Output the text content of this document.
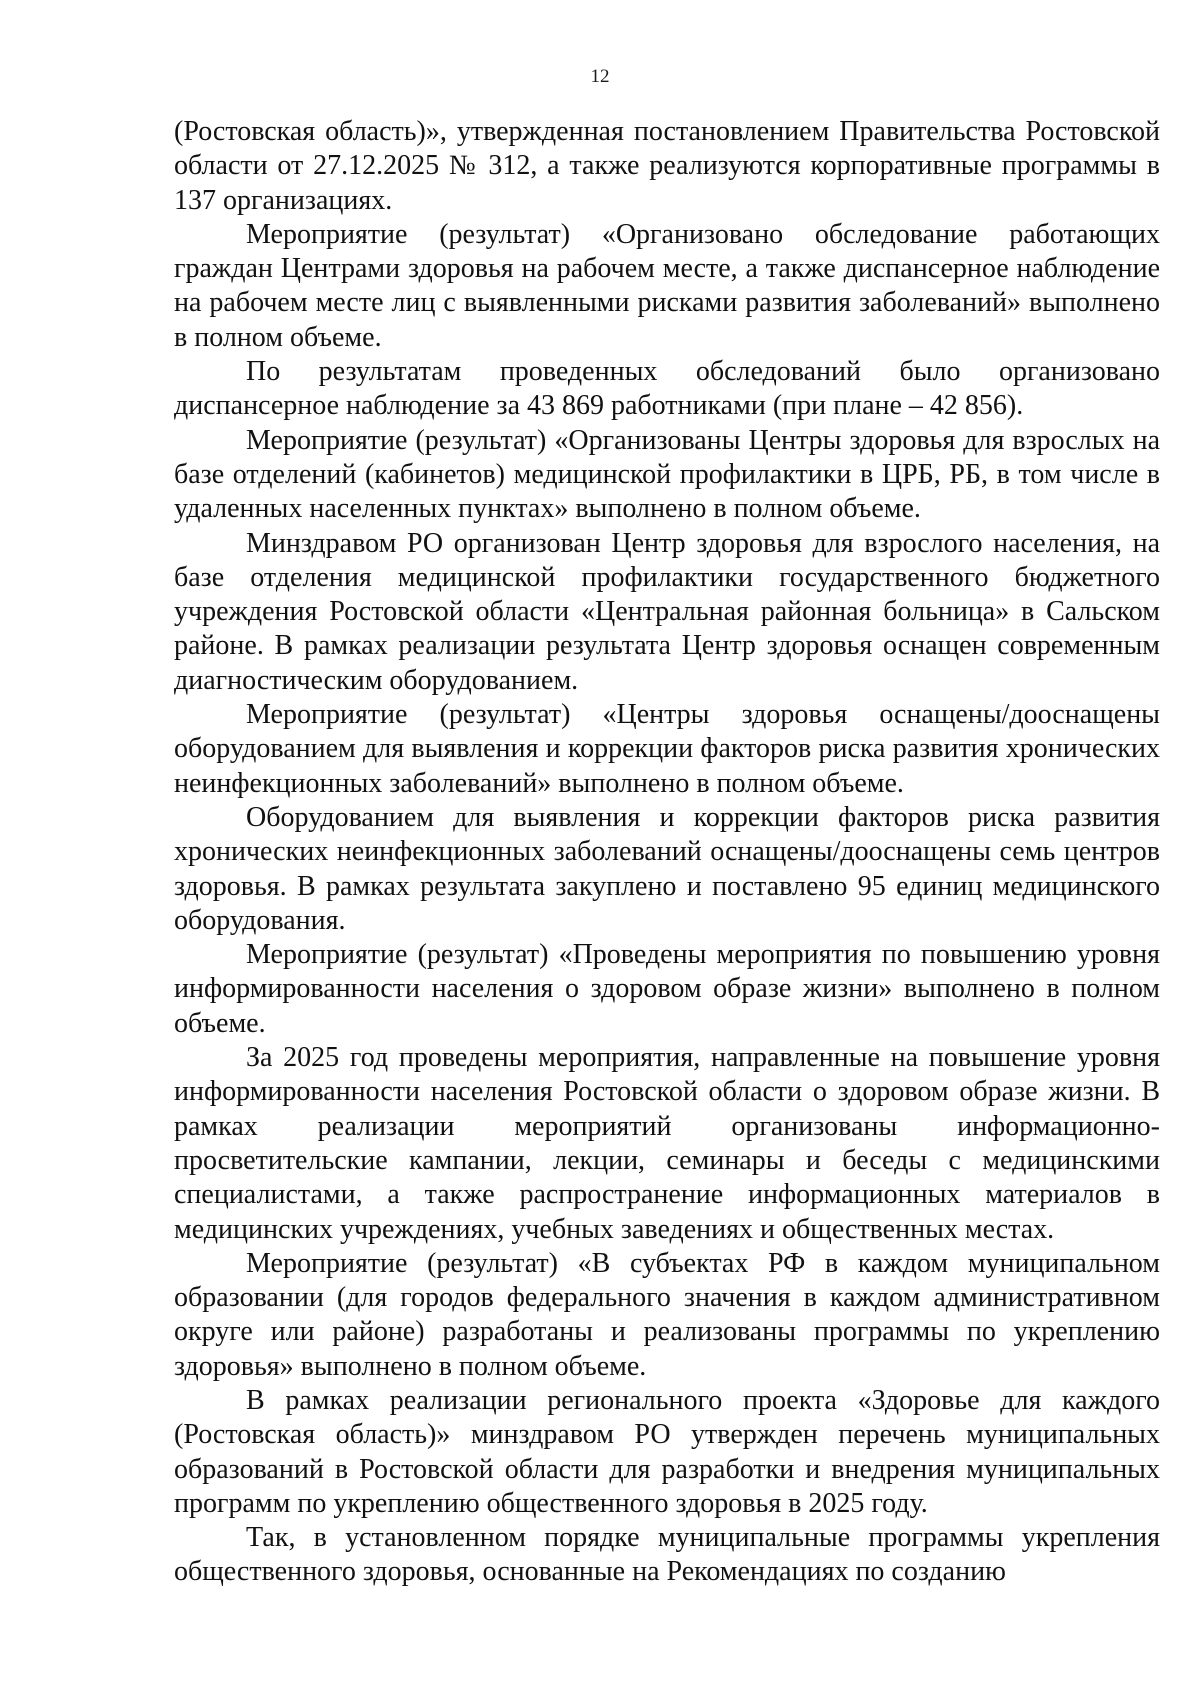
12

(Ростовская область)», утвержденная постановлением Правительства Ростовской области от 27.12.2025 № 312, а также реализуются корпоративные программы в 137 организациях.

Мероприятие (результат) «Организовано обследование работающих граждан Центрами здоровья на рабочем месте, а также диспансерное наблюдение на рабочем месте лиц с выявленными рисками развития заболеваний» выполнено в полном объеме.

По результатам проведенных обследований было организовано диспансерное наблюдение за 43 869 работниками (при плане – 42 856).

Мероприятие (результат) «Организованы Центры здоровья для взрослых на базе отделений (кабинетов) медицинской профилактики в ЦРБ, РБ, в том числе в удаленных населенных пунктах» выполнено в полном объеме.

Минздравом РО организован Центр здоровья для взрослого населения, на базе отделения медицинской профилактики государственного бюджетного учреждения Ростовской области «Центральная районная больница» в Сальском районе. В рамках реализации результата Центр здоровья оснащен современным диагностическим оборудованием.

Мероприятие (результат) «Центры здоровья оснащены/дооснащены оборудованием для выявления и коррекции факторов риска развития хронических неинфекционных заболеваний» выполнено в полном объеме.

Оборудованием для выявления и коррекции факторов риска развития хронических неинфекционных заболеваний оснащены/дооснащены семь центров здоровья. В рамках результата закуплено и поставлено 95 единиц медицинского оборудования.

Мероприятие (результат) «Проведены мероприятия по повышению уровня информированности населения о здоровом образе жизни» выполнено в полном объеме.

За 2025 год проведены мероприятия, направленные на повышение уровня информированности населения Ростовской области о здоровом образе жизни. В рамках реализации мероприятий организованы информационно-просветительские кампании, лекции, семинары и беседы с медицинскими специалистами, а также распространение информационных материалов в медицинских учреждениях, учебных заведениях и общественных местах.

Мероприятие (результат) «В субъектах РФ в каждом муниципальном образовании (для городов федерального значения в каждом административном округе или районе) разработаны и реализованы программы по укреплению здоровья» выполнено в полном объеме.

В рамках реализации регионального проекта «Здоровье для каждого (Ростовская область)» минздравом РО утвержден перечень муниципальных образований в Ростовской области для разработки и внедрения муниципальных программ по укреплению общественного здоровья в 2025 году.

Так, в установленном порядке муниципальные программы укрепления общественного здоровья, основанные на Рекомендациях по созданию
